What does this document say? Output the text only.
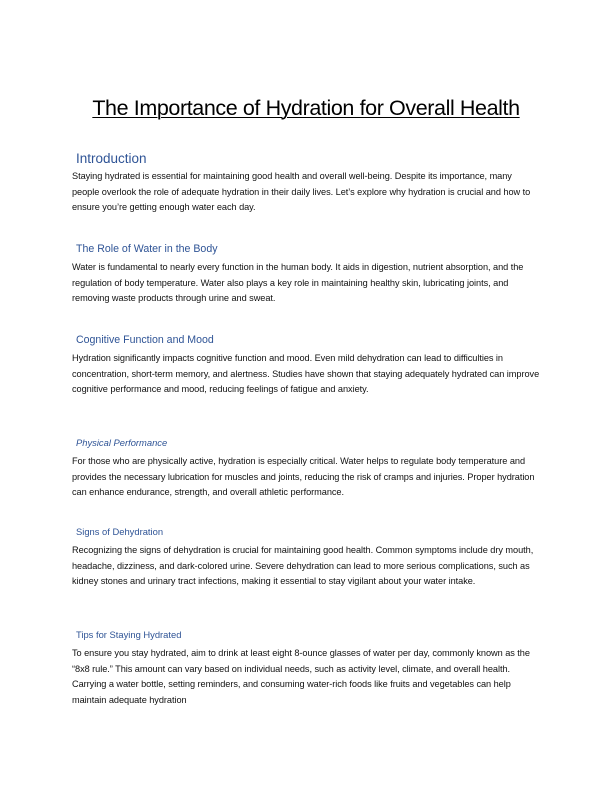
The Importance of Hydration for Overall Health
Introduction

Staying hydrated is essential for maintaining good health and overall well-being. Despite its importance, many people overlook the role of adequate hydration in their daily lives. Let’s explore why hydration is crucial and how to ensure you’re getting enough water each day.

The Role of Water in the Body

Water is fundamental to nearly every function in the human body. It aids in digestion, nutrient absorption, and the regulation of body temperature. Water also plays a key role in maintaining healthy skin, lubricating joints, and removing waste products through urine and sweat.

Cognitive Function and Mood

Hydration significantly impacts cognitive function and mood. Even mild dehydration can lead to difficulties in concentration, short-term memory, and alertness. Studies have shown that staying adequately hydrated can improve cognitive performance and mood, reducing feelings of fatigue and anxiety.

Physical Performance

For those who are physically active, hydration is especially critical. Water helps to regulate body temperature and provides the necessary lubrication for muscles and joints, reducing the risk of cramps and injuries. Proper hydration can enhance endurance, strength, and overall athletic performance.

Signs of Dehydration

Recognizing the signs of dehydration is crucial for maintaining good health. Common symptoms include dry mouth, headache, dizziness, and dark-colored urine. Severe dehydration can lead to more serious complications, such as kidney stones and urinary tract infections, making it essential to stay vigilant about your water intake.

Tips for Staying Hydrated

To ensure you stay hydrated, aim to drink at least eight 8-ounce glasses of water per day, commonly known as the “8x8 rule.” This amount can vary based on individual needs, such as activity level, climate, and overall health. Carrying a water bottle, setting reminders, and consuming water-rich foods like fruits and vegetables can help maintain adequate hydration
